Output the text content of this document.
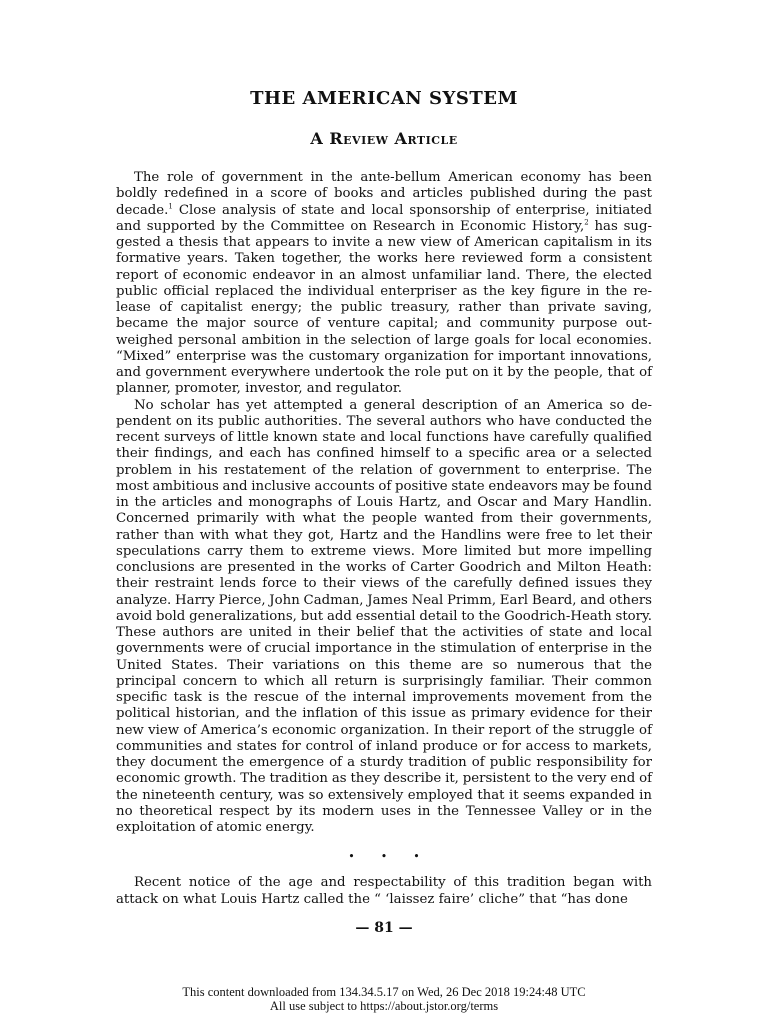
THE AMERICAN SYSTEM
A Review Article

The role of government in the ante-bellum American economy has been boldly redefined in a score of books and articles published during the past decade.$^1$ Close analysis of state and local sponsorship of enterprise, initiated and supported by the Committee on Research in Economic History,$^2$ has suggested a thesis that appears to invite a new view of American capitalism in its formative years. Taken together, the works here reviewed form a consistent report of economic endeavor in an almost unfamiliar land. There, the elected public official replaced the individual enterpriser as the key figure in the release of capitalist energy; the public treasury, rather than private saving, became the major source of venture capital; and community purpose outweighed personal ambition in the selection of large goals for local economies. “Mixed” enterprise was the customary organization for important innovations, and government everywhere undertook the role put on it by the people, that of planner, promoter, investor, and regulator.

No scholar has yet attempted a general description of an America so dependent on its public authorities. The several authors who have conducted the recent surveys of little known state and local functions have carefully qualified their findings, and each has confined himself to a specific area or a selected problem in his restatement of the relation of government to enterprise. The most ambitious and inclusive accounts of positive state endeavors may be found in the articles and monographs of Louis Hartz, and Oscar and Mary Handlin. Concerned primarily with what the people wanted from their governments, rather than with what they got, Hartz and the Handlins were free to let their speculations carry them to extreme views. More limited but more impelling conclusions are presented in the works of Carter Goodrich and Milton Heath: their restraint lends force to their views of the carefully defined issues they analyze. Harry Pierce, John Cadman, James Neal Primm, Earl Beard, and others avoid bold generalizations, but add essential detail to the Goodrich-Heath story. These authors are united in their belief that the activities of state and local governments were of crucial importance in the stimulation of enterprise in the United States. Their variations on this theme are so numerous that the principal concern to which all return is surprisingly familiar. Their common specific task is the rescue of the internal improvements movement from the political historian, and the inflation of this issue as primary evidence for their new view of America’s economic organization. In their report of the struggle of communities and states for control of inland produce or for access to markets, they document the emergence of a sturdy tradition of public responsibility for economic growth. The tradition as they describe it, persistent to the very end of the nineteenth century, was so extensively employed that it seems expanded in no theoretical respect by its modern uses in the Tennessee Valley or in the exploitation of atomic energy.

•••

Recent notice of the age and respectability of this tradition began with attack on what Louis Hartz called the “ ‘laissez faire’ cliche” that “has done

— 81 —
This content downloaded from 134.34.5.17 on Wed, 26 Dec 2018 19:24:48 UTC
All use subject to https://about.jstor.org/terms
